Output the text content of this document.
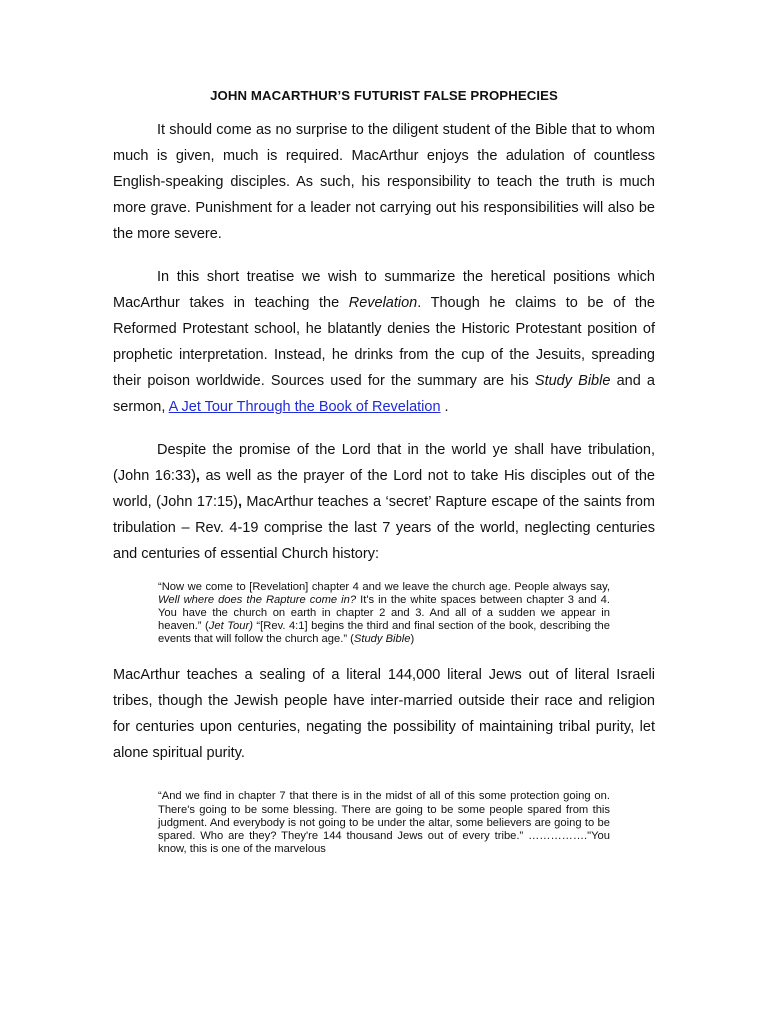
JOHN MACARTHUR’S FUTURIST FALSE PROPHECIES

It should come as no surprise to the diligent student of the Bible that to whom much is given, much is required. MacArthur enjoys the adulation of countless English-speaking disciples. As such, his responsibility to teach the truth is much more grave. Punishment for a leader not carrying out his responsibilities will also be the more severe.

In this short treatise we wish to summarize the heretical positions which MacArthur takes in teaching the Revelation. Though he claims to be of the Reformed Protestant school, he blatantly denies the Historic Protestant position of prophetic interpretation. Instead, he drinks from the cup of the Jesuits, spreading their poison worldwide. Sources used for the summary are his Study Bible and a sermon, A Jet Tour Through the Book of Revelation .

Despite the promise of the Lord that in the world ye shall have tribulation, (John 16:33), as well as the prayer of the Lord not to take His disciples out of the world, (John 17:15), MacArthur teaches a ‘secret’ Rapture escape of the saints from tribulation – Rev. 4-19 comprise the last 7 years of the world, neglecting centuries and centuries of essential Church history:

“Now we come to [Revelation] chapter 4 and we leave the church age. People always say, Well where does the Rapture come in? It's in the white spaces between chapter 3 and 4. You have the church on earth in chapter 2 and 3. And all of a sudden we appear in heaven.” (Jet Tour) “[Rev. 4:1] begins the third and final section of the book, describing the events that will follow the church age.” (Study Bible)

MacArthur teaches a sealing of a literal 144,000 literal Jews out of literal Israeli tribes, though the Jewish people have inter-married outside their race and religion for centuries upon centuries, negating the possibility of maintaining tribal purity, let alone spiritual purity.

“And we find in chapter 7 that there is in the midst of all of this some protection going on. There's going to be some blessing. There are going to be some people spared from this judgment. And everybody is not going to be under the altar, some believers are going to be spared. Who are they? They're 144 thousand Jews out of every tribe.” ……………."You know, this is one of the marvelous
